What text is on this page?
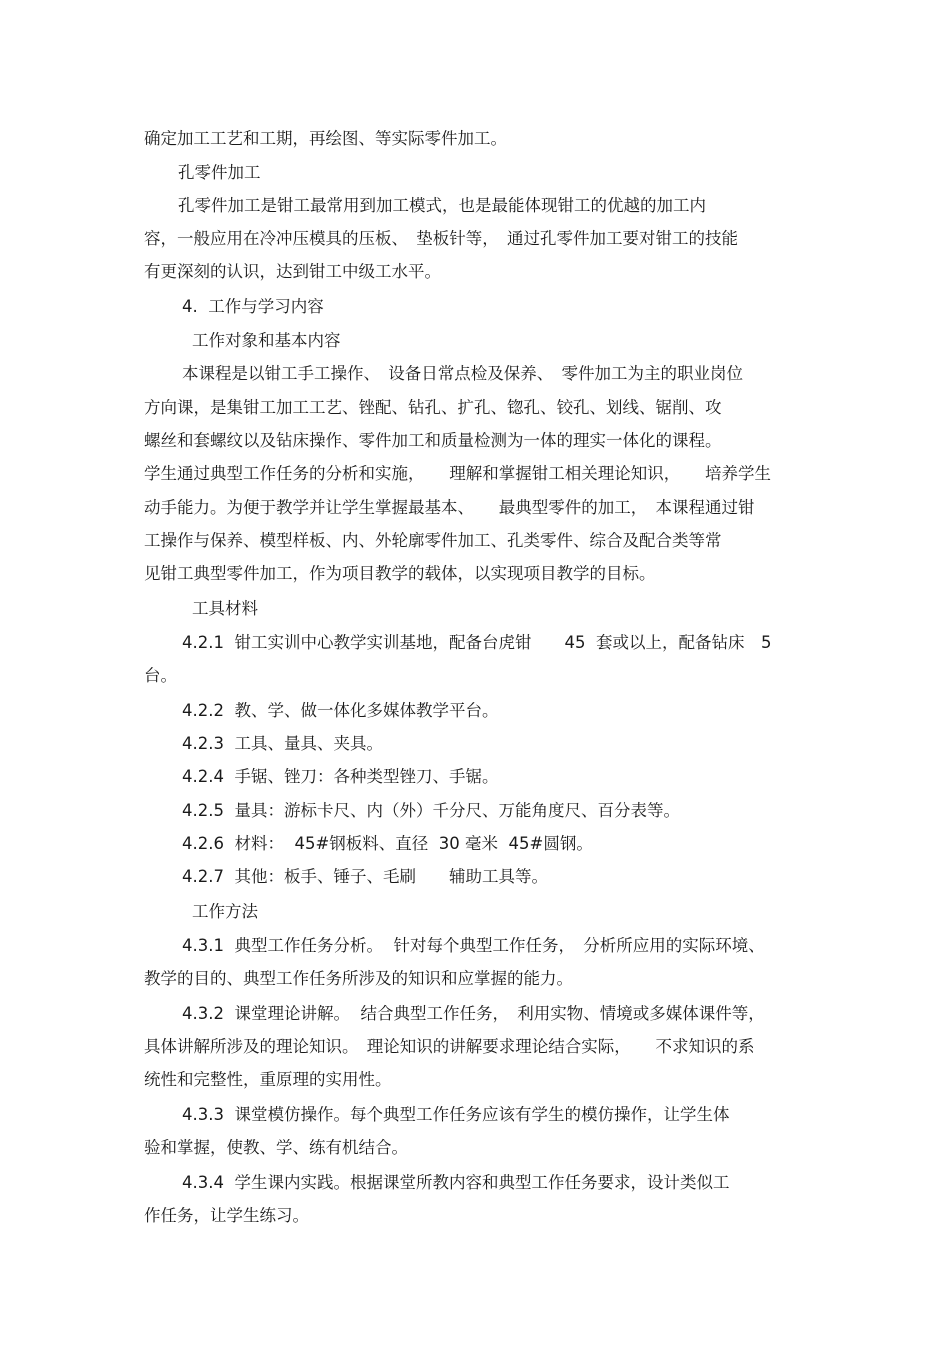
确定加工工艺和工期，再绘图、等实际零件加工。
孔零件加工
孔零件加工是钳工最常用到加工模式，也是最能体现钳工的优越的加工内
容，一般应用在冷冲压模具的压板、　垫板针等，　通过孔零件加工要对钳工的技能
有更深刻的认识，达到钳工中级工水平。
4.  工作与学习内容
工作对象和基本内容
本课程是以钳工手工操作、　设备日常点检及保养、　零件加工为主的职业岗位
方向课，是集钳工加工工艺、锉配、钻孔、扩孔、锪孔、铰孔、划线、锯削、攻
螺丝和套螺纹以及钻床操作、零件加工和质量检测为一体的理实一体化的课程。
学生通过典型工作任务的分析和实施，　　理解和掌握钳工相关理论知识，　　培养学生
动手能力。为便于教学并让学生掌握最基本、　　最典型零件的加工，　本课程通过钳
工操作与保养、模型样板、内、外轮廓零件加工、孔类零件、综合及配合类等常
见钳工典型零件加工，作为项目教学的载体，以实现项目教学的目标。
工具材料
4.2.1  钳工实训中心教学实训基地，配备台虎钳　　45  套或以上，配备钻床　5
台。
4.2.2  教、学、做一体化多媒体教学平台。
4.2.3  工具、量具、夹具。
4.2.4  手锯、锉刀：各种类型锉刀、手锯。
4.2.5  量具：游标卡尺、内（外）千分尺、万能角度尺、百分表等。
4.2.6  材料：  45#钢板料、直径  30 毫米  45#圆钢。
4.2.7  其他：板手、锤子、毛刷　　辅助工具等。
工作方法
4.3.1  典型工作任务分析。  针对每个典型工作任务，　分析所应用的实际环境、
教学的目的、典型工作任务所涉及的知识和应掌握的能力。
4.3.2  课堂理论讲解。  结合典型工作任务，　利用实物、情境或多媒体课件等，
具体讲解所涉及的理论知识。　理论知识的讲解要求理论结合实际，　　不求知识的系
统性和完整性，重原理的实用性。
4.3.3  课堂模仿操作。每个典型工作任务应该有学生的模仿操作，让学生体
验和掌握，使教、学、练有机结合。
4.3.4  学生课内实践。根据课堂所教内容和典型工作任务要求，设计类似工
作任务，让学生练习。
